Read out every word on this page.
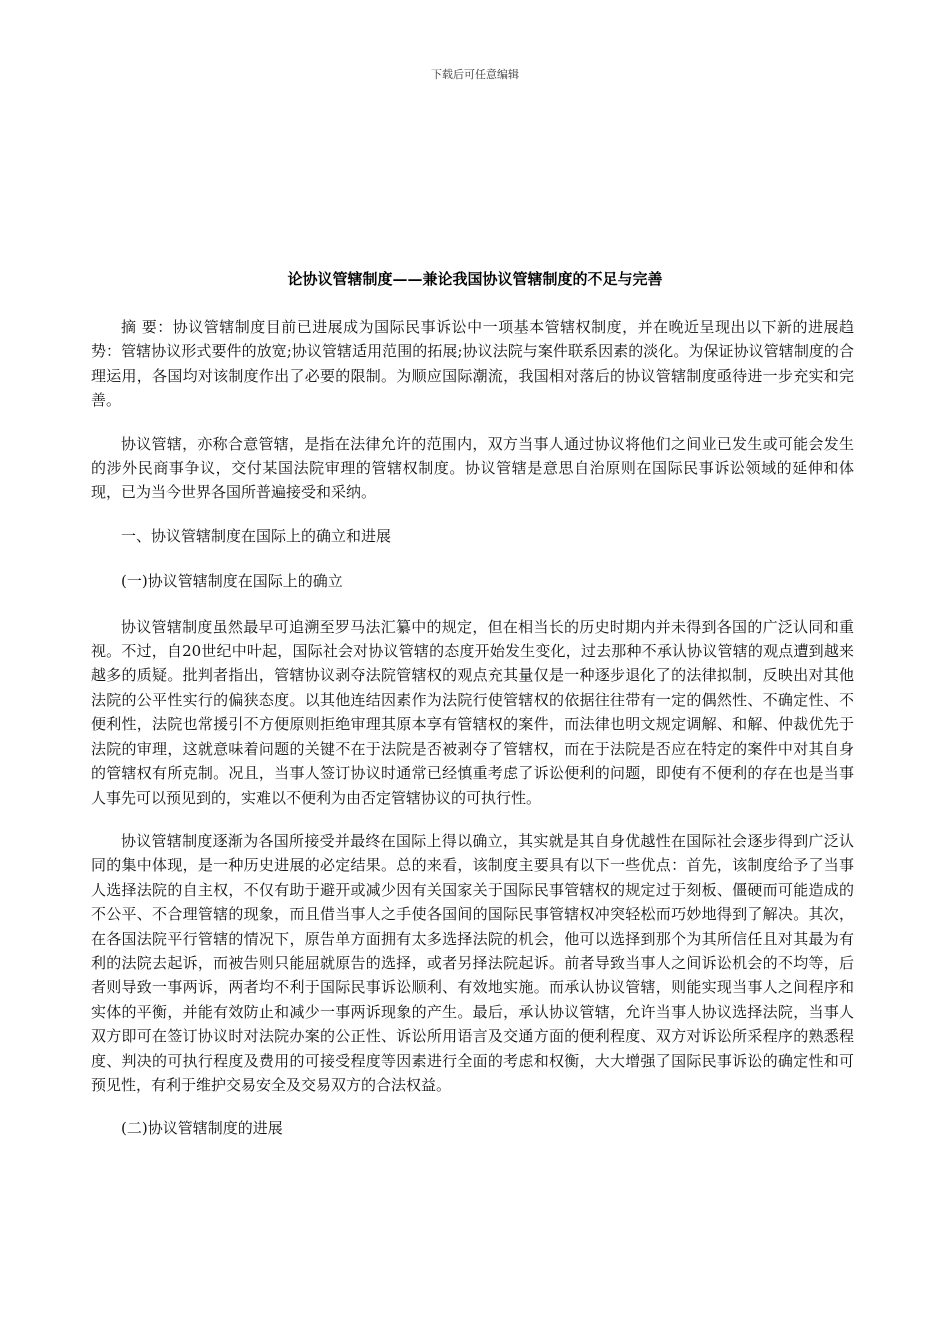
下载后可任意编辑
论协议管辖制度——兼论我国协议管辖制度的不足与完善

摘 要：协议管辖制度目前已进展成为国际民事诉讼中一项基本管辖权制度，并在晚近呈现出以下新的进展趋势：管辖协议形式要件的放宽;协议管辖适用范围的拓展;协议法院与案件联系因素的淡化。为保证协议管辖制度的合理运用，各国均对该制度作出了必要的限制。为顺应国际潮流，我国相对落后的协议管辖制度亟待进一步充实和完善。

协议管辖，亦称合意管辖，是指在法律允许的范围内，双方当事人通过协议将他们之间业已发生或可能会发生的涉外民商事争议，交付某国法院审理的管辖权制度。协议管辖是意思自治原则在国际民事诉讼领域的延伸和体现，已为当今世界各国所普遍接受和采纳。

一、协议管辖制度在国际上的确立和进展

(一)协议管辖制度在国际上的确立

协议管辖制度虽然最早可追溯至罗马法汇纂中的规定，但在相当长的历史时期内并未得到各国的广泛认同和重视。不过，自20世纪中叶起，国际社会对协议管辖的态度开始发生变化，过去那种不承认协议管辖的观点遭到越来越多的质疑。批判者指出，管辖协议剥夺法院管辖权的观点充其量仅是一种逐步退化了的法律拟制，反映出对其他法院的公平性实行的偏狭态度。以其他连结因素作为法院行使管辖权的依据往往带有一定的偶然性、不确定性、不便利性，法院也常援引不方便原则拒绝审理其原本享有管辖权的案件，而法律也明文规定调解、和解、仲裁优先于法院的审理，这就意味着问题的关键不在于法院是否被剥夺了管辖权，而在于法院是否应在特定的案件中对其自身的管辖权有所克制。况且，当事人签订协议时通常已经慎重考虑了诉讼便利的问题，即使有不便利的存在也是当事人事先可以预见到的，实难以不便利为由否定管辖协议的可执行性。

协议管辖制度逐渐为各国所接受并最终在国际上得以确立，其实就是其自身优越性在国际社会逐步得到广泛认同的集中体现，是一种历史进展的必定结果。总的来看，该制度主要具有以下一些优点：首先，该制度给予了当事人选择法院的自主权，不仅有助于避开或减少因有关国家关于国际民事管辖权的规定过于刻板、僵硬而可能造成的不公平、不合理管辖的现象，而且借当事人之手使各国间的国际民事管辖权冲突轻松而巧妙地得到了解决。其次，在各国法院平行管辖的情况下，原告单方面拥有太多选择法院的机会，他可以选择到那个为其所信任且对其最为有利的法院去起诉，而被告则只能屈就原告的选择，或者另择法院起诉。前者导致当事人之间诉讼机会的不均等，后者则导致一事两诉，两者均不利于国际民事诉讼顺利、有效地实施。而承认协议管辖，则能实现当事人之间程序和实体的平衡，并能有效防止和减少一事两诉现象的产生。最后，承认协议管辖，允许当事人协议选择法院，当事人双方即可在签订协议时对法院办案的公正性、诉讼所用语言及交通方面的便利程度、双方对诉讼所采程序的熟悉程度、判决的可执行程度及费用的可接受程度等因素进行全面的考虑和权衡，大大增强了国际民事诉讼的确定性和可预见性，有利于维护交易安全及交易双方的合法权益。

(二)协议管辖制度的进展
